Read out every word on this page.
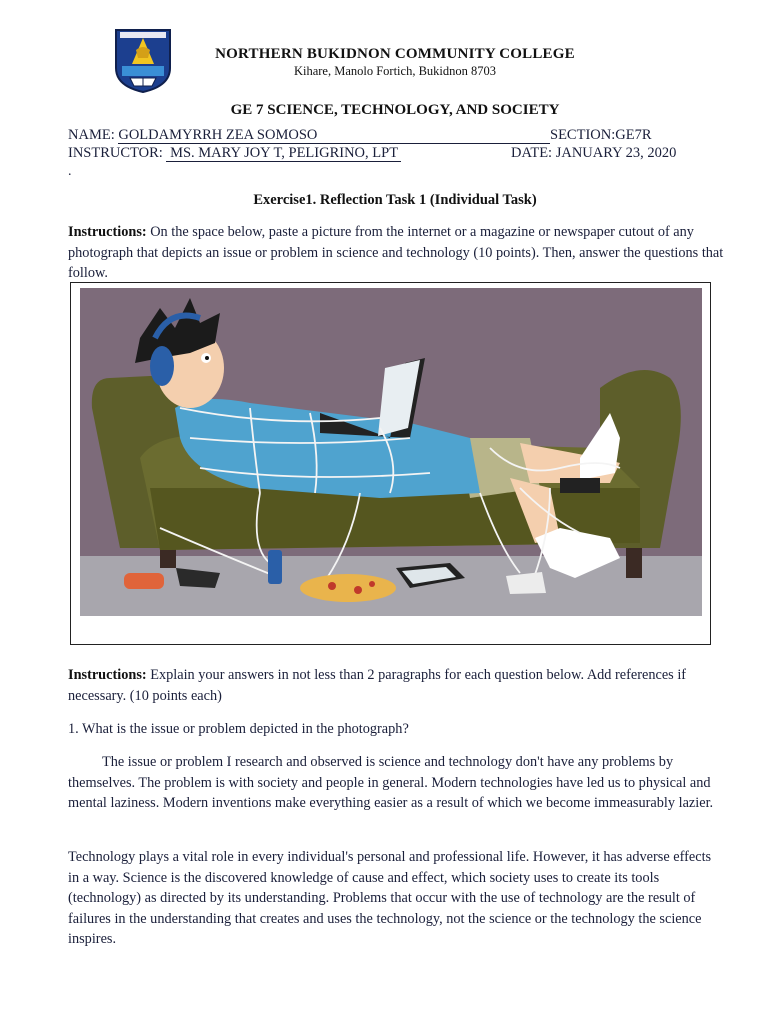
NORTHERN BUKIDNON COMMUNITY COLLEGE
Kihare, Manolo Fortich, Bukidnon 8703
GE 7 SCIENCE, TECHNOLOGY, AND SOCIETY
NAME: GOLDAMYRRH ZEA SOMOSO	SECTION:GE7R
INSTRUCTOR:  MS. MARY JOY T, PELIGRINO, LPT	DATE: JANUARY 23, 2020
.
Exercise1. Reflection Task 1 (Individual Task)
Instructions: On the space below, paste a picture from the internet or a magazine or newspaper cutout of any photograph that depicts an issue or problem in science and technology (10 points). Then, answer the questions that follow.
Instructions: Explain your answers in not less than 2 paragraphs for each question below. Add references if necessary. (10 points each)
1. What is the issue or problem depicted in the photograph?
The issue or problem I research and observed is science and technology don't have any problems by themselves. The problem is with society and people in general. Modern technologies have led us to physical and mental laziness. Modern inventions make everything easier as a result of which we become immeasurably lazier.
Technology plays a vital role in every individual's personal and professional life. However, it has adverse effects in a way. Science is the discovered knowledge of cause and effect, which society uses to create its tools (technology) as directed by its understanding. Problems that occur with the use of technology are the result of failures in the understanding that creates and uses the technology, not the science or the technology the science inspires.
